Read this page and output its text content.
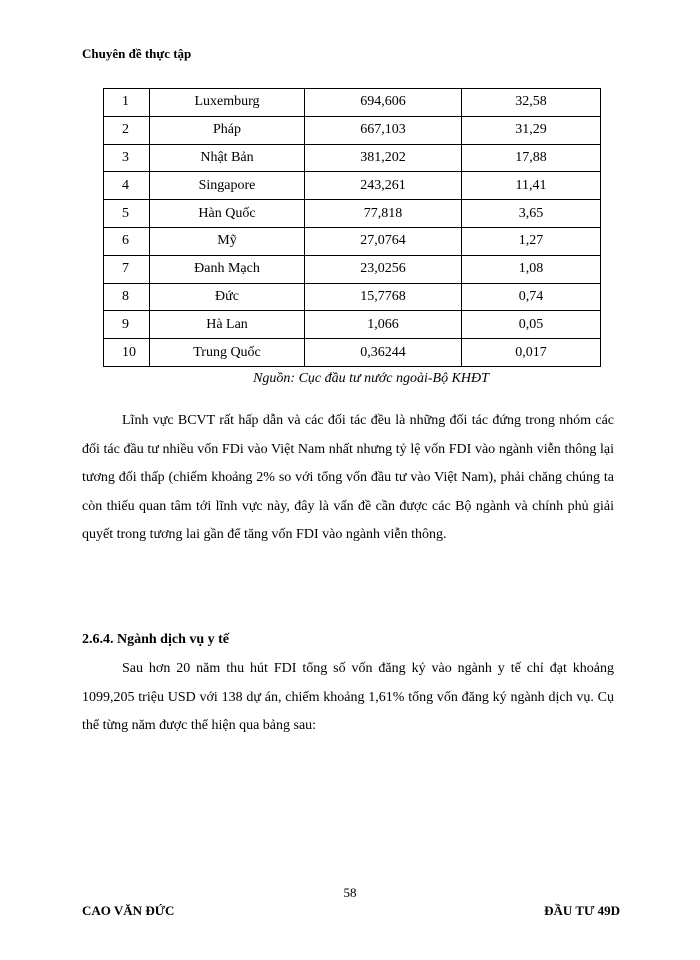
Chuyên đề thực tập
1	Luxemburg	694,606	32,58
2	Pháp	667,103	31,29
3	Nhật Bản	381,202	17,88
4	Singapore	243,261	11,41
5	Hàn Quốc	77,818	3,65
6	Mỹ	27,0764	1,27
7	Đanh Mạch	23,0256	1,08
8	Đức	15,7768	0,74
9	Hà Lan	1,066	0,05
10	Trung Quốc	0,36244	0,017
Nguồn: Cục đầu tư nước ngoài-Bộ KHĐT

Lĩnh vực BCVT rất hấp dẫn và các đối tác đều là những đối tác đứng trong nhóm các đối tác đầu tư nhiều vốn FDi vào Việt Nam nhất nhưng tỷ lệ vốn FDI vào ngành viễn thông lại tương đối thấp (chiếm khoảng 2% so với tổng vốn đầu tư vào Việt Nam), phải chăng chúng ta còn thiếu quan tâm tới lĩnh vực này, đây là vấn đề cần được các Bộ ngành và chính phủ giải quyết trong tương lai gần để tăng vốn FDI vào ngành viễn thông.

2.6.4. Ngành dịch vụ y tế

Sau hơn 20 năm thu hút FDI tổng số vốn đăng ký vào ngành y tế chỉ đạt khoảng 1099,205 triệu USD với 138 dự án, chiếm khoảng 1,61% tổng vốn đăng ký ngành dịch vụ. Cụ thể từng năm được thể hiện qua bảng sau:

58
CAO VĂN ĐỨC	ĐẦU TƯ 49D
